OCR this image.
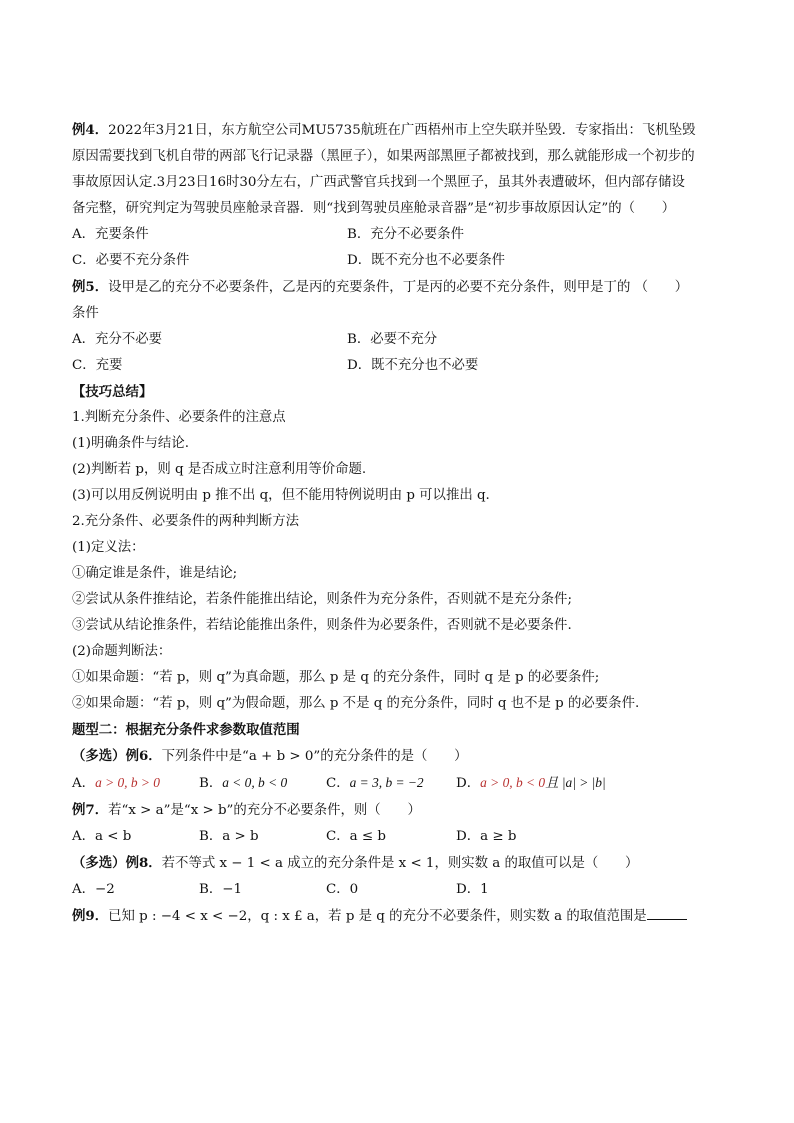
例4．2022年3月21日，东方航空公司MU5735航班在广西梧州市上空失联并坠毁．专家指出：飞机坠毁

原因需要找到飞机自带的两部飞行记录器（黑匣子），如果两部黑匣子都被找到，那么就能形成一个初步的

事故原因认定.3月23日16时30分左右，广西武警官兵找到一个黑匣子，虽其外表遭破坏，但内部存储设

备完整，研究判定为驾驶员座舱录音器．则“找到驾驶员座舱录音器”是“初步事故原因认定”的（　　）

A．充要条件	B．充分不必要条件
C．必要不充分条件	D．既不充分也不必要条件

例5．设甲是乙的充分不必要条件，乙是丙的充要条件，丁是丙的必要不充分条件，则甲是丁的 （　　）

条件

A．充分不必要	B．必要不充分
C．充要	D．既不充分也不必要

【技巧总结】

1.判断充分条件、必要条件的注意点

(1)明确条件与结论.

(2)判断若 p，则 q 是否成立时注意利用等价命题.

(3)可以用反例说明由 p 推不出 q，但不能用特例说明由 p 可以推出 q.

2.充分条件、必要条件的两种判断方法

(1)定义法：

①确定谁是条件，谁是结论;

②尝试从条件推结论，若条件能推出结论，则条件为充分条件，否则就不是充分条件;

③尝试从结论推条件，若结论能推出条件，则条件为必要条件，否则就不是必要条件.

(2)命题判断法：

①如果命题：“若 p，则 q”为真命题，那么 p 是 q 的充分条件，同时 q 是 p 的必要条件;

②如果命题：“若 p，则 q”为假命题，那么 p 不是 q 的充分条件，同时 q 也不是 p 的必要条件.

题型二：根据充分条件求参数取值范围

（多选）例6．下列条件中是“a + b > 0”的充分条件的是（　　）

A．a > 0, b > 0	B．a < 0, b < 0	C．a = 3, b = −2	D．a > 0, b < 0且 |a| > |b|

例7．若“x > a”是“x > b”的充分不必要条件，则（　　）

A．a < b	B．a > b	C．a ≤ b	D．a ≥ b

（多选）例8．若不等式 x − 1 < a 成立的充分条件是 x < 1，则实数 a 的取值可以是（　　）

A．−2	B．−1	C．0	D．1

例9．已知 p : −4 < x < −2，q : x £ a，若 p 是 q 的充分不必要条件，则实数 a 的取值范围是
